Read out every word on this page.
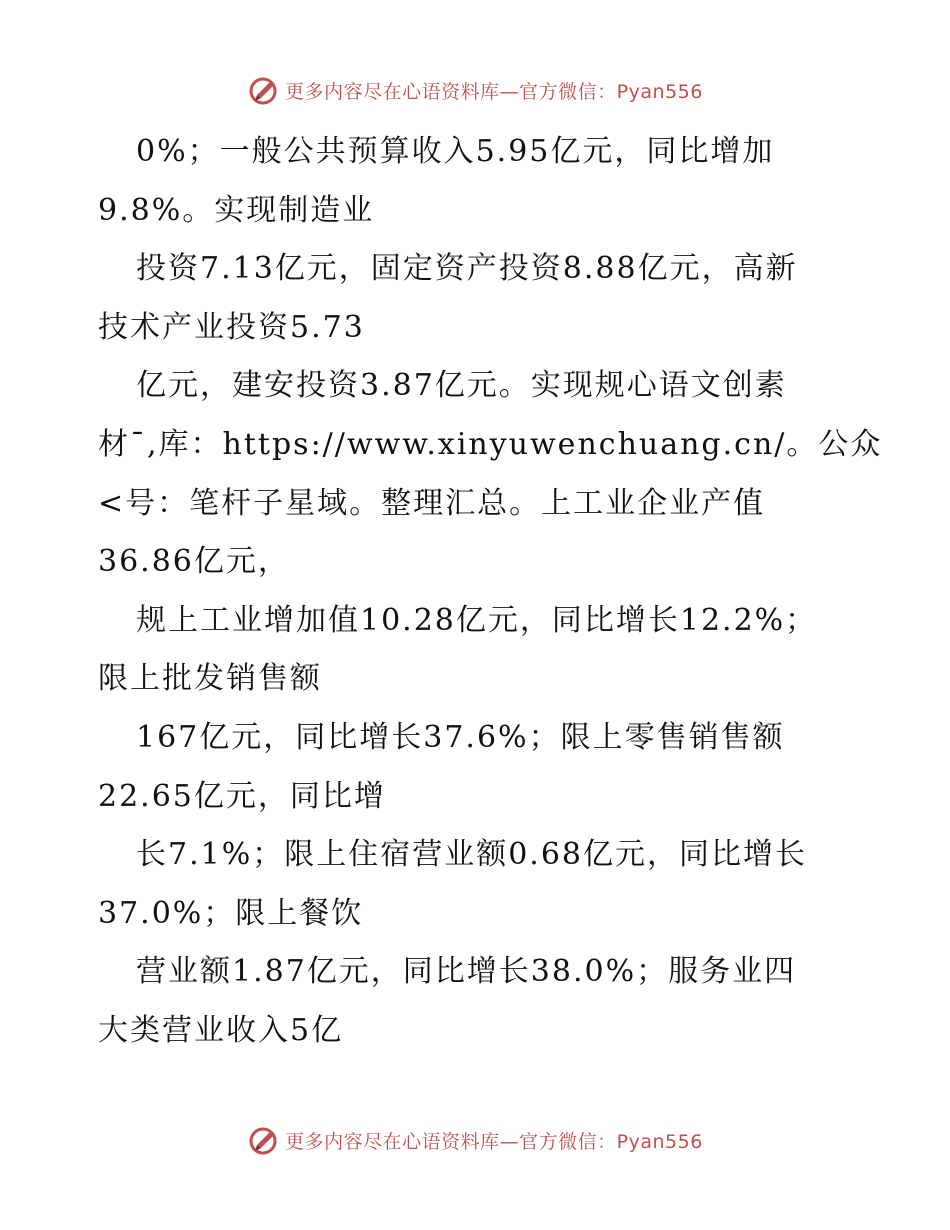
更多内容尽在心语资料库—官方微信：Pyan556
0%；一般公共预算收入5.95亿元，同比增加
9.8%。实现制造业
投资7.13亿元，固定资产投资8.88亿元，高新
技术产业投资5.73
亿元，建安投资3.87亿元。实现规心语文创素
材¯,库：https://www.xinyuwenchuang.cn/。公众
<号：笔杆子星域。整理汇总。上工业企业产值
36.86亿元，
规上工业增加值10.28亿元，同比增长12.2%；
限上批发销售额
167亿元，同比增长37.6%；限上零售销售额
22.65亿元，同比增
长7.1%；限上住宿营业额0.68亿元，同比增长
37.0%；限上餐饮
营业额1.87亿元，同比增长38.0%；服务业四
大类营业收入5亿
更多内容尽在心语资料库—官方微信：Pyan556
